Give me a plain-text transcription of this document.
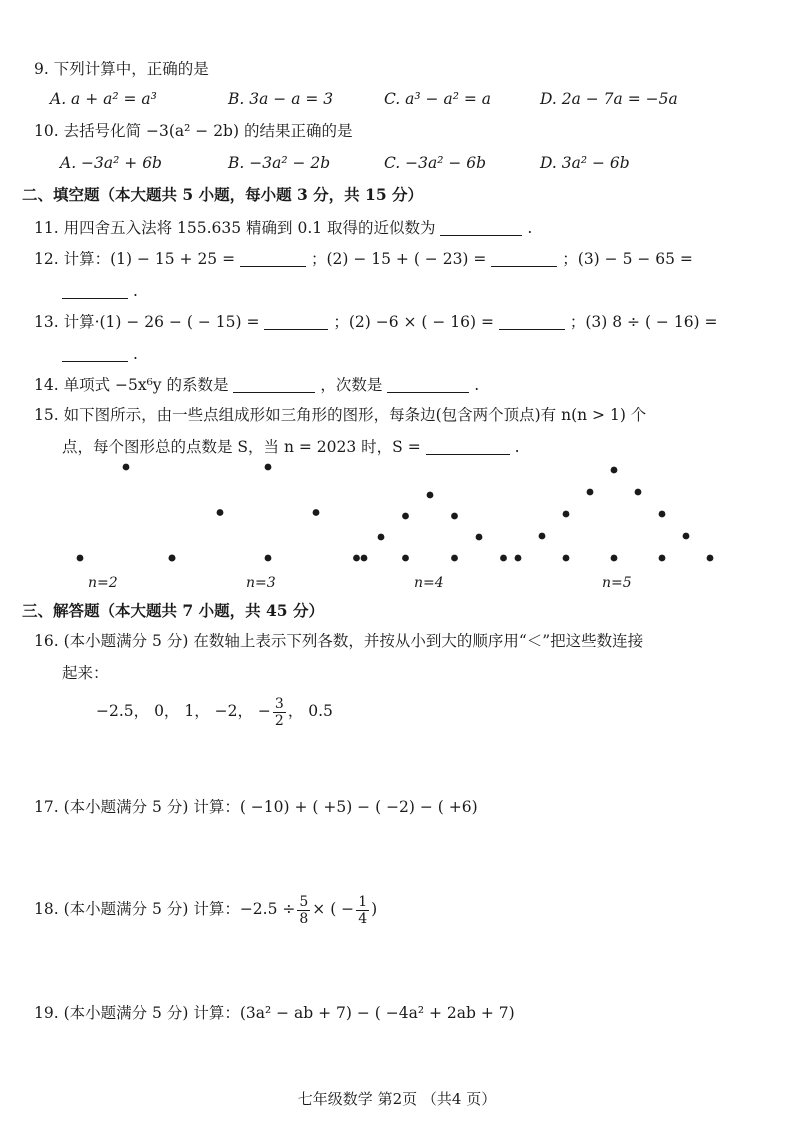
9. 下列计算中，正确的是
A. a + a² = a³	B. 3a − a = 3	C. a³ − a² = a	D. 2a − 7a = −5a
10. 去括号化简 −3(a² − 2b) 的结果正确的是
A. −3a² + 6b	B. −3a² − 2b	C. −3a² − 6b	D. 3a² − 6b
二、填空题（本大题共 5 小题，每小题 3 分，共 15 分）
11. 用四舍五入法将 155.635 精确到 0.1 取得的近似数为	.
12. 计算：(1) − 15 + 25 =	；(2) − 15 + ( − 23) =	；(3) − 5 − 65 =
.
13. 计算·(1) − 26 − ( − 15) =	；(2) −6 × ( − 16) =	；(3) 8 ÷ ( − 16) =
.
14. 单项式 −5x⁶y 的系数是	，次数是	.
15. 如下图所示，由一些点组成形如三角形的图形，每条边(包含两个顶点)有 n(n > 1) 个
点，每个图形总的点数是 S，当 n = 2023 时，S =	.
n=2	n=3	n=4	n=5
三、解答题（本大题共 7 小题，共 45 分）
16. (本小题满分 5 分) 在数轴上表示下列各数，并按从小到大的顺序用“＜”把这些数连接
起来：
−2.5， 0， 1， −2， − $\frac{3}{2}$ ， 0.5
17. (本小题满分 5 分) 计算：( −10) + ( +5) − ( −2) − ( +6)
18. (本小题满分 5 分) 计算：$-2.5 \div \frac{5}{8}$ × ( − $\frac{1}{4}$ )
19. (本小题满分 5 分) 计算：(3a² − ab + 7) − ( −4a² + 2ab + 7)
七年级数学 第2页 （共4 页）
